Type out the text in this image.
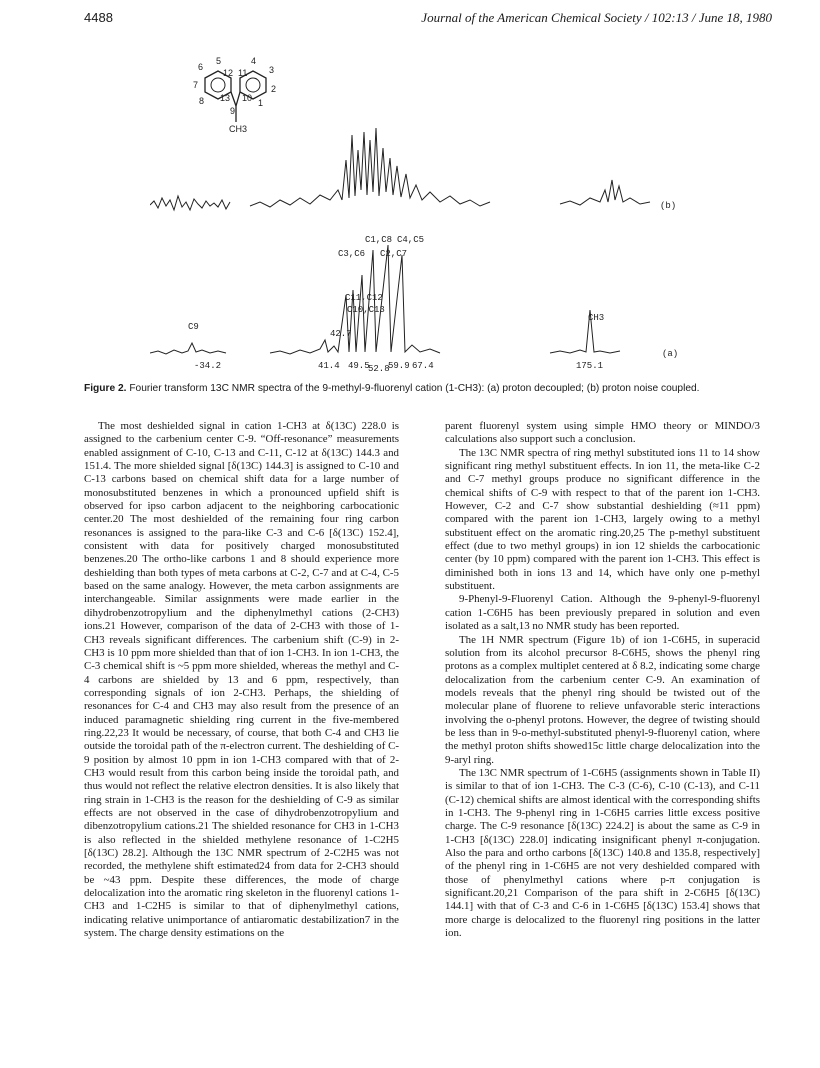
4488	Journal of the American Chemical Society / 102:13 / June 18, 1980
6
5	4
3
7
12 11
2
8 13
9
10 1
CH3
(b)
C1,C8 C4,C5
C3,C6 C2,C7
C11,C12
C10,C13
C9
42.7
CH3
-34.2	41.4 49.5
52.8
59.9 67.4	175.1
(a)
Figure 2. Fourier transform 13C NMR spectra of the 9-methyl-9-fluorenyl cation (1-CH3): (a) proton decoupled; (b) proton noise coupled.

The most deshielded signal in cation 1-CH3 at δ(13C) 228.0 is assigned to the carbenium center C-9. “Off-resonance” measurements enabled assignment of C-10, C-13 and C-11, C-12 at δ(13C) 144.3 and 151.4. The more shielded signal [δ(13C) 144.3] is assigned to C-10 and C-13 carbons based on chemical shift data for a large number of monosubstituted benzenes in which a pronounced upfield shift is observed for ipso carbon adjacent to the neighboring carbocationic center.20 The most deshielded of the remaining four ring carbon resonances is assigned to the para-like C-3 and C-6 [δ(13C) 152.4], consistent with data for positively charged monosubstituted benzenes.20 The ortho-like carbons 1 and 8 should experience more deshielding than both types of meta carbons at C-2, C-7 and at C-4, C-5 based on the same analogy. However, the meta carbon assignments are interchangeable. Similar assignments were made earlier in the dihydrobenzotropylium and the diphenylmethyl cations (2-CH3) ions.21 However, comparison of the data of 2-CH3 with those of 1-CH3 reveals significant differences. The carbenium shift (C-9) in 2-CH3 is 10 ppm more shielded than that of ion 1-CH3. In ion 1-CH3, the C-3 chemical shift is ~5 ppm more shielded, whereas the methyl and C-4 carbons are shielded by 13 and 6 ppm, respectively, than corresponding signals of ion 2-CH3. Perhaps, the shielding of resonances for C-4 and CH3 may also result from the presence of an induced paramagnetic shielding ring current in the five-membered ring.22,23 It would be necessary, of course, that both C-4 and CH3 lie outside the toroidal path of the π-electron current. The deshielding of C-9 position by almost 10 ppm in ion 1-CH3 compared with that of 2-CH3 would result from this carbon being inside the toroidal path, and thus would not reflect the relative electron densities. It is also likely that ring strain in 1-CH3 is the reason for the deshielding of C-9 as similar effects are not observed in the case of dihydrobenzotropylium and dibenzotropylium cations.21 The shielded resonance for CH3 in 1-CH3 is also reflected in the shielded methylene resonance of 1-C2H5 [δ(13C) 28.2]. Although the 13C NMR spectrum of 2-C2H5 was not recorded, the methylene shift estimated24 from data for 2-CH3 should be ~43 ppm. Despite these differences, the mode of charge delocalization into the aromatic ring skeleton in the fluorenyl cations 1-CH3 and 1-C2H5 is similar to that of diphenylmethyl cations, indicating relative unimportance of antiaromatic destabilization7 in the system. The charge density estimations on the

parent fluorenyl system using simple HMO theory or MINDO/3 calculations also support such a conclusion.

The 13C NMR spectra of ring methyl substituted ions 11 to 14 show significant ring methyl substituent effects. In ion 11, the meta-like C-2 and C-7 methyl groups produce no significant difference in the chemical shifts of C-9 with respect to that of the parent ion 1-CH3. However, C-2 and C-7 show substantial deshielding (≈11 ppm) compared with the parent ion 1-CH3, largely owing to a methyl substituent effect on the aromatic ring.20,25 The p-methyl substituent effect (due to two methyl groups) in ion 12 shields the carbocationic center (by 10 ppm) compared with the parent ion 1-CH3. This effect is diminished both in ions 13 and 14, which have only one p-methyl substituent.

9-Phenyl-9-Fluorenyl Cation. Although the 9-phenyl-9-fluorenyl cation 1-C6H5 has been previously prepared in solution and even isolated as a salt,13 no NMR study has been reported.

The 1H NMR spectrum (Figure 1b) of ion 1-C6H5, in superacid solution from its alcohol precursor 8-C6H5, shows the phenyl ring protons as a complex multiplet centered at δ 8.2, indicating some charge delocalization from the carbenium center C-9. An examination of models reveals that the phenyl ring should be twisted out of the molecular plane of fluorene to relieve unfavorable steric interactions involving the o-phenyl protons. However, the degree of twisting should be less than in 9-o-methyl-substituted phenyl-9-fluorenyl cation, where the methyl proton shifts showed15c little charge delocalization into the 9-aryl ring.

The 13C NMR spectrum of 1-C6H5 (assignments shown in Table II) is similar to that of ion 1-CH3. The C-3 (C-6), C-10 (C-13), and C-11 (C-12) chemical shifts are almost identical with the corresponding shifts in 1-CH3. The 9-phenyl ring in 1-C6H5 carries little excess positive charge. The C-9 resonance [δ(13C) 224.2] is about the same as C-9 in 1-CH3 [δ(13C) 228.0] indicating insignificant phenyl π-conjugation. Also the para and ortho carbons [δ(13C) 140.8 and 135.8, respectively] of the phenyl ring in 1-C6H5 are not very deshielded compared with those of phenylmethyl cations where p-π conjugation is significant.20,21 Comparison of the para shift in 2-C6H5 [δ(13C) 144.1] with that of C-3 and C-6 in 1-C6H5 [δ(13C) 153.4] shows that more charge is delocalized to the fluorenyl ring positions in the latter ion.
